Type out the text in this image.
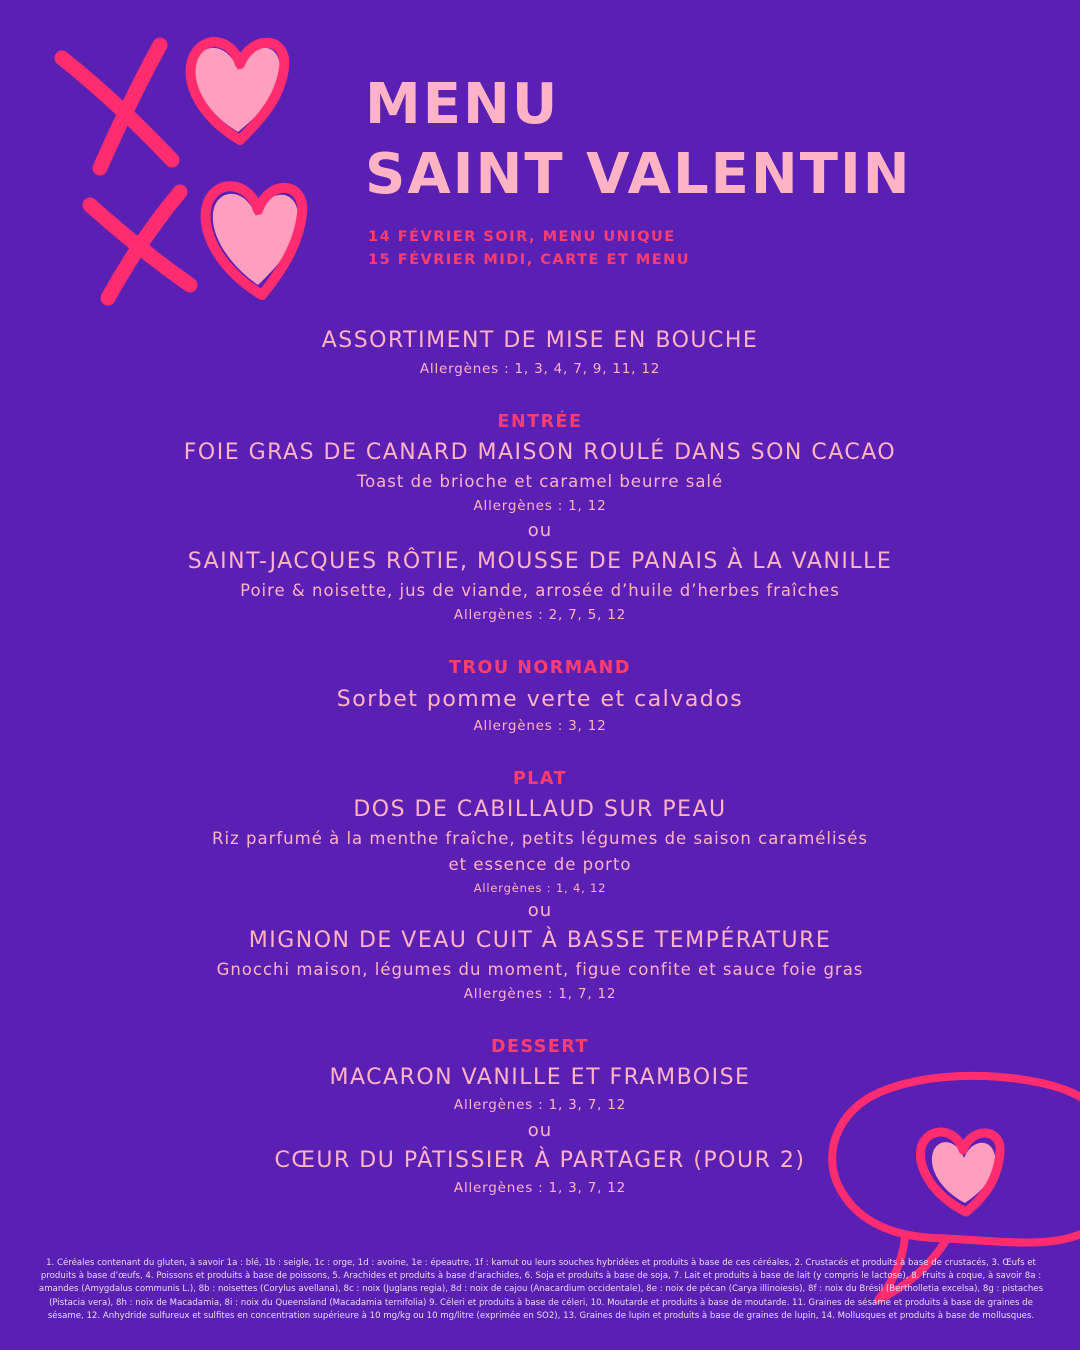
MENU
SAINT VALENTIN
14 FÉVRIER SOIR, MENU UNIQUE
15 FÉVRIER MIDI, CARTE ET MENU
ASSORTIMENT DE MISE EN BOUCHE
Allergènes : 1, 3, 4, 7, 9, 11, 12
ENTRÉE
FOIE GRAS DE CANARD MAISON ROULÉ DANS SON CACAO
Toast de brioche et caramel beurre salé
Allergènes : 1, 12
ou
SAINT-JACQUES RÔTIE, MOUSSE DE PANAIS À LA VANILLE
Poire & noisette, jus de viande, arrosée d’huile d’herbes fraîches
Allergènes : 2, 7, 5, 12
TROU NORMAND
Sorbet pomme verte et calvados
Allergènes : 3, 12
PLAT
DOS DE CABILLAUD SUR PEAU
Riz parfumé à la menthe fraîche, petits légumes de saison caramélisés
et essence de porto
Allergènes : 1, 4, 12
ou
MIGNON DE VEAU CUIT À BASSE TEMPÉRATURE
Gnocchi maison, légumes du moment, figue confite et sauce foie gras
Allergènes : 1, 7, 12
DESSERT
MACARON VANILLE ET FRAMBOISE
Allergènes : 1, 3, 7, 12
ou
CŒUR DU PÂTISSIER À PARTAGER (POUR 2)
Allergènes : 1, 3, 7, 12
1. Céréales contenant du gluten, à savoir 1a : blé, 1b : seigle, 1c : orge, 1d : avoine, 1e : épeautre, 1f : kamut ou leurs souches hybridées et produits à base de ces céréales, 2. Crustacés et produits à base de crustacés, 3. Œufs et
produits à base d’œufs, 4. Poissons et produits à base de poissons, 5. Arachides et produits à base d’arachides, 6. Soja et produits à base de soja, 7. Lait et produits à base de lait (y compris le lactose), 8. Fruits à coque, à savoir 8a :
amandes (Amygdalus communis L.), 8b : noisettes (Corylus avellana), 8c : noix (Juglans regia), 8d : noix de cajou (Anacardium occidentale), 8e : noix de pécan (Carya illinoiesis), 8f : noix du Brésil (Bertholletia excelsa), 8g : pistaches
(Pistacia vera), 8h : noix de Macadamia, 8i : noix du Queensland (Macadamia ternifolia) 9. Céleri et produits à base de céleri, 10. Moutarde et produits à base de moutarde. 11. Graines de sésame et produits à base de graines de
sésame, 12. Anhydride sulfureux et sulfites en concentration supérieure à 10 mg/kg ou 10 mg/litre (exprimée en SO2), 13. Graines de lupin et produits à base de graines de lupin, 14. Mollusques et produits à base de mollusques.
